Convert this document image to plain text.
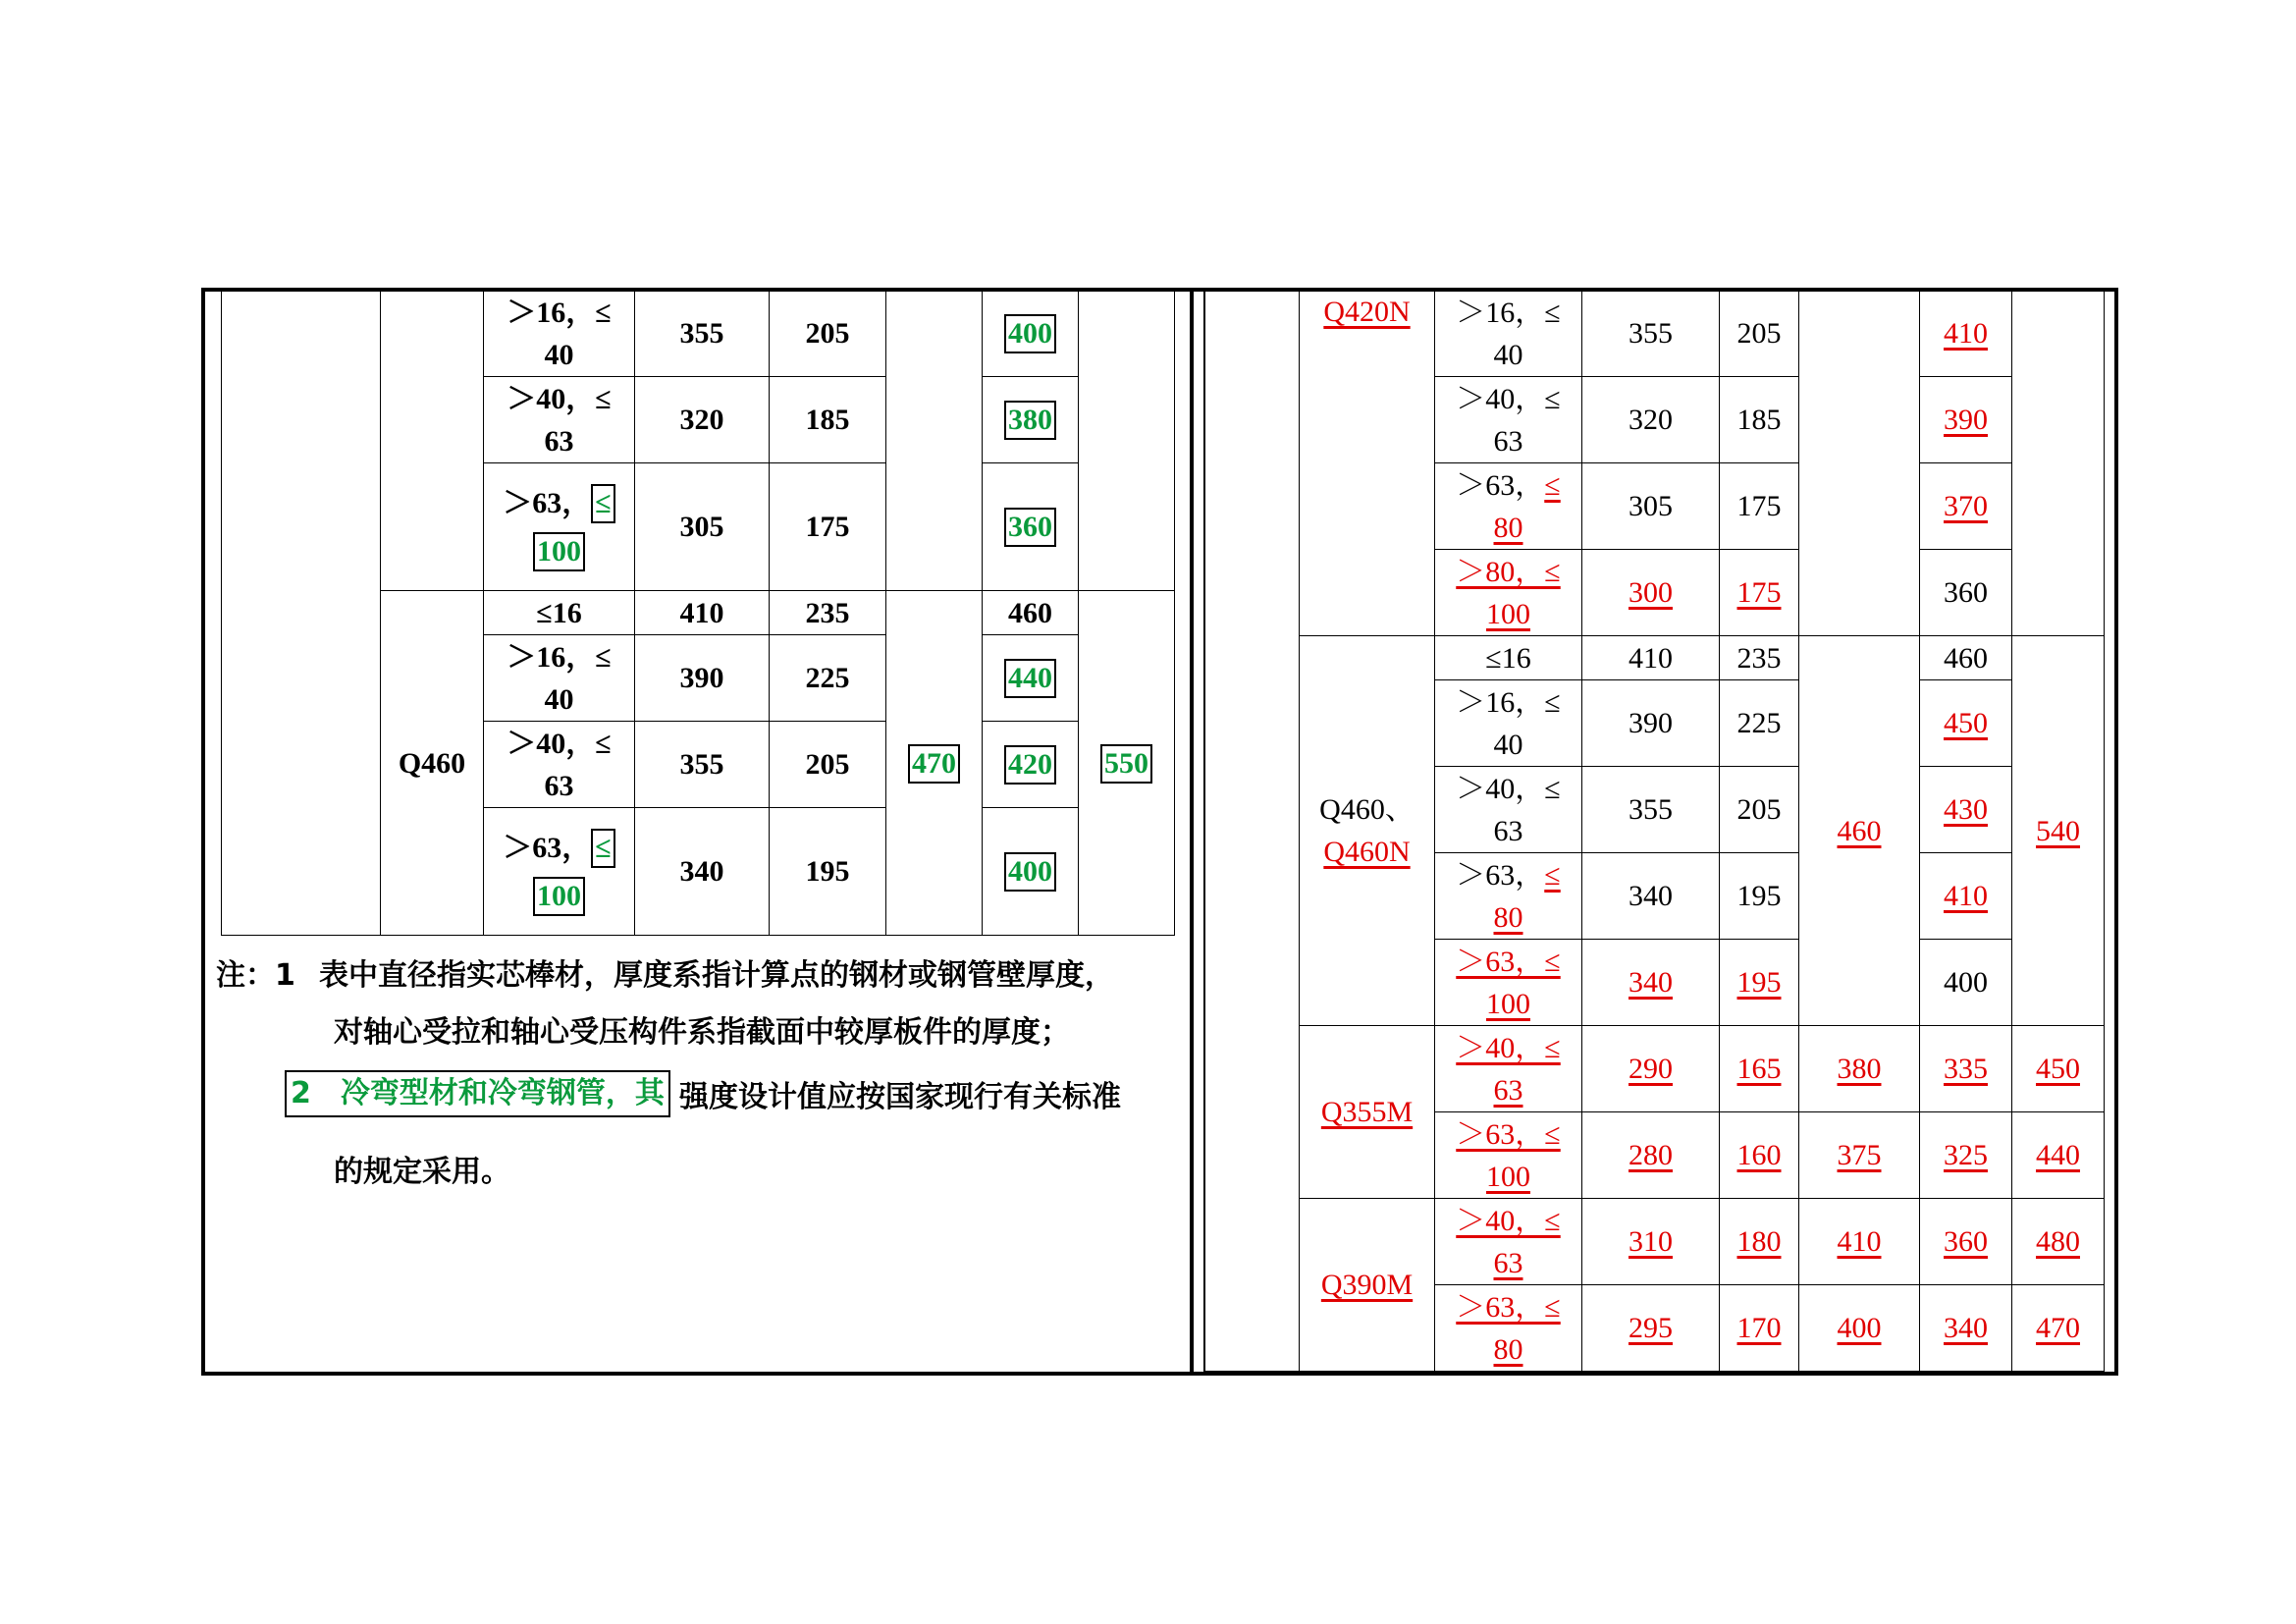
		＞16，≤
40	355	205		400	

		＞40，≤
63	320	185		380	

		＞63， ≤
100	305	175		360	
	Q460	≤16	410	235	470	460	550

		＞16，≤
40	390	225		440	

		＞40，≤
63	355	205		420	

		＞63， ≤
100	340	195		400	
注：1 表中直径指实芯棒材，厚度系指计算点的钢材或钢管壁厚度，
对轴心受拉和轴心受压构件系指截面中较厚板件的厚度；
2　冷弯型材和冷弯钢管，其 强度设计值应按国家现行有关标准
的规定采用。
	Q420N	＞16，≤
40	355	205		410	

		＞40，≤
63	320	185		390	

		＞63，≤
80	305	175		370	

		＞80，≤
100	300	175		360	

	Q460、
Q460N	≤16	410	235	460	460	540

		＞16，≤
40	390	225		450	

		＞40，≤
63	355	205		430	

		＞63，≤
80	340	195		410	

		＞63，≤
100	340	195		400	
	Q355M	＞40，≤
63	290	165	380	335	450

		＞63，≤
100	280	160	375	325	440
	Q390M	＞40，≤
63	310	180	410	360	480

		＞63，≤
80	295	170	400	340	470
